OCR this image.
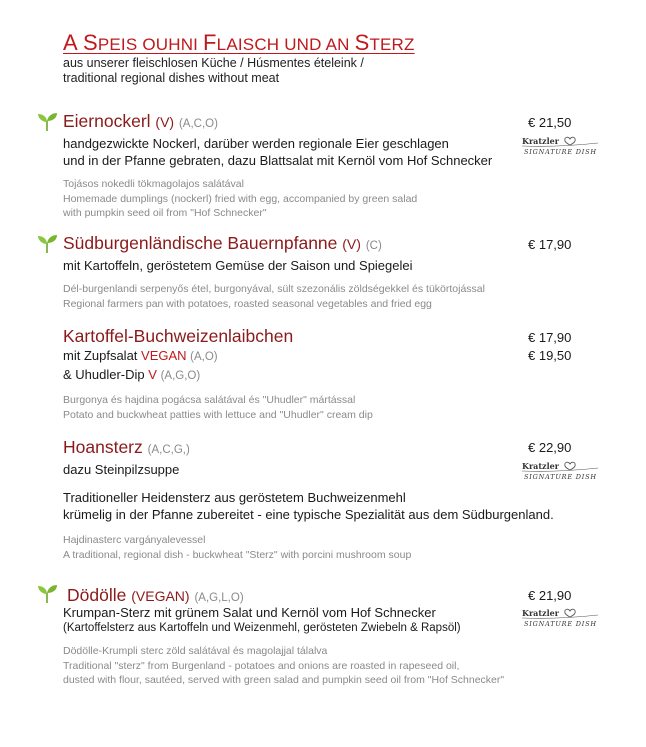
A SPEIS OUHNI FLAISCH UND AN STERZ
aus unserer fleischlosen Küche / Húsmentes ételeink /
traditional regional dishes without meat
Eiernockerl (V) (A,C,O)
handgezwickte Nockerl, darüber werden regionale Eier geschlagen
und in der Pfanne gebraten, dazu Blattsalat mit Kernöl vom Hof Schnecker
Tojásos nokedli tökmagolajos salátával
Homemade dumplings (nockerl) fried with egg, accompanied by green salad
with pumpkin seed oil from "Hof Schnecker"
€ 21,50
Kratzler
SIGNATURE DISH
Südburgenländische Bauernpfanne (V) (C)
mit Kartoffeln, geröstetem Gemüse der Saison und Spiegelei
Dél-burgenlandi serpenyős étel, burgonyával, sült szezonális zöldségekkel és tükörtojással
Regional farmers pan with potatoes, roasted seasonal vegetables and fried egg
€ 17,90
Kartoffel-Buchweizenlaibchen
mit Zupfsalat VEGAN (A,O)
& Uhudler-Dip V (A,G,O)
Burgonya és hajdina pogácsa salátával és "Uhudler" mártással
Potato and buckwheat patties with lettuce and "Uhudler" cream dip
€ 17,90
€ 19,50
Hoansterz (A,C,G,)
dazu Steinpilzsuppe
Traditioneller Heidensterz aus geröstetem Buchweizenmehl
krümelig in der Pfanne zubereitet - eine typische Spezialität aus dem Südburgenland.
Hajdinasterc vargányalevessel
A traditional, regional dish - buckwheat "Sterz" with porcini mushroom soup
€ 22,90
Kratzler
SIGNATURE DISH
Dödölle (VEGAN) (A,G,L,O)
Krumpan-Sterz mit grünem Salat und Kernöl vom Hof Schnecker
(Kartoffelsterz aus Kartoffeln und Weizenmehl, gerösteten Zwiebeln & Rapsöl)
Dödölle-Krumpli sterc zöld salátával és magolajjal tálalva
Traditional "sterz" from Burgenland - potatoes and onions are roasted in rapeseed oil,
dusted with flour, sautéed, served with green salad and pumpkin seed oil from "Hof Schnecker"
€ 21,90
Kratzler
SIGNATURE DISH
